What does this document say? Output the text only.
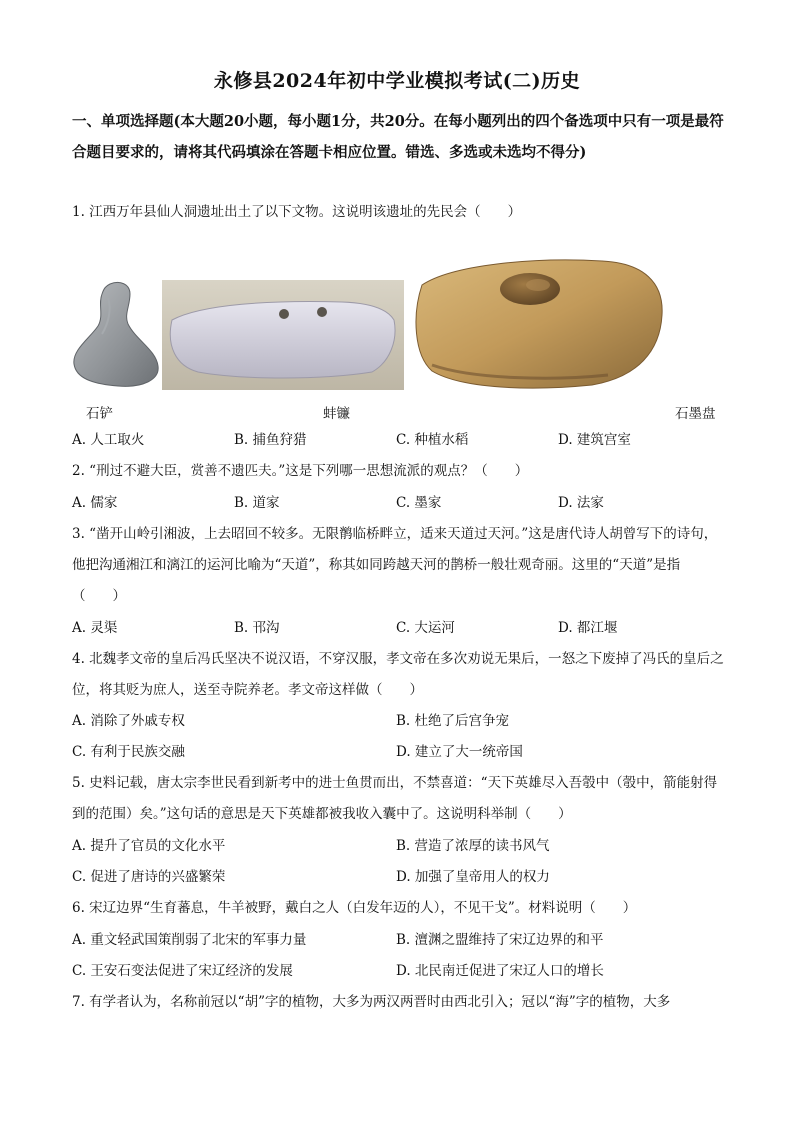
永修县2024年初中学业模拟考试(二)历史
一、单项选择题(本大题20小题，每小题1分，共20分。在每小题列出的四个备选项中只有一项是最符合题目要求的，请将其代码填涂在答题卡相应位置。错选、多选或未选均不得分)
1. 江西万年县仙人洞遗址出土了以下文物。这说明该遗址的先民会（　　）
石铲	蚌镰	石墨盘
A. 人工取火	B. 捕鱼狩猎	C. 种植水稻	D. 建筑宫室
2. “刑过不避大臣，赏善不遗匹夫。”这是下列哪一思想流派的观点？（　　）
A. 儒家	B. 道家	C. 墨家	D. 法家
3. “凿开山岭引湘波，上去昭回不较多。无限鹡临桥畔立，适来天道过天河。”这是唐代诗人胡曾写下的诗句，他把沟通湘江和漓江的运河比喻为“天道”，称其如同跨越天河的鹊桥一般壮观奇丽。这里的“天道”是指（　　）
A. 灵渠	B. 邗沟	C. 大运河	D. 都江堰
4. 北魏孝文帝的皇后冯氏坚决不说汉语，不穿汉服，孝文帝在多次劝说无果后，一怒之下废掉了冯氏的皇后之位，将其贬为庶人，送至寺院养老。孝文帝这样做（　　）
A. 消除了外戚专权	B. 杜绝了后宫争宠
C. 有利于民族交融	D. 建立了大一统帝国
5. 史料记载，唐太宗李世民看到新考中的进士鱼贯而出，不禁喜道：“天下英雄尽入吾彀中（彀中，箭能射得到的范围）矣。”这句话的意思是天下英雄都被我收入囊中了。这说明科举制（　　）
A. 提升了官员的文化水平	B. 营造了浓厚的读书风气
C. 促进了唐诗的兴盛繁荣	D. 加强了皇帝用人的权力
6. 宋辽边界“生育蕃息，牛羊被野，戴白之人（白发年迈的人），不见干戈”。材料说明（　　）
A. 重文轻武国策削弱了北宋的军事力量	B. 澶渊之盟维持了宋辽边界的和平
C. 王安石变法促进了宋辽经济的发展	D. 北民南迁促进了宋辽人口的增长
7. 有学者认为，名称前冠以“胡”字的植物，大多为两汉两晋时由西北引入；冠以“海”字的植物，大多
